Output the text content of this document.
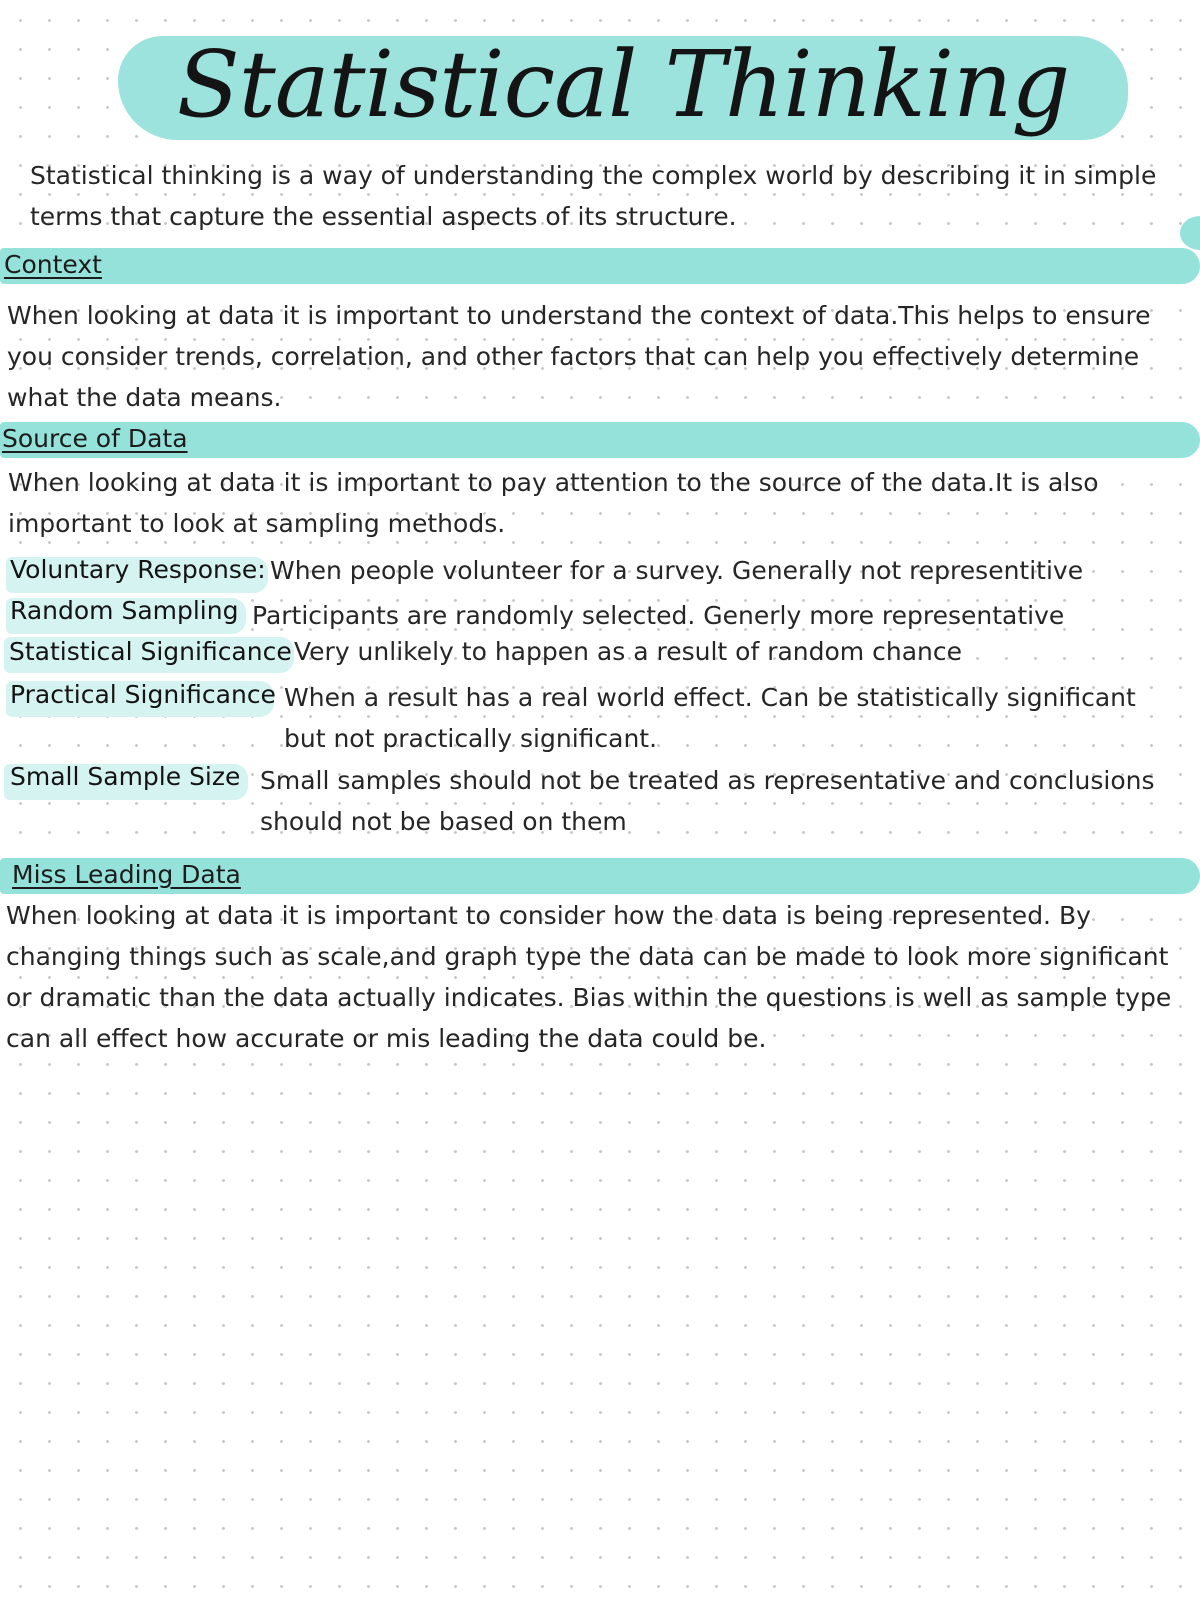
Statistical Thinking

Statistical thinking is a way of understanding the complex world by describing it in simple
terms that capture the essential aspects of its structure.

Context

When looking at data it is important to understand the context of data.This helps to ensure
you consider trends, correlation, and other factors that can help you effectively determine
what the data means.

Source of Data

When looking at data it is important to pay attention to the source of the data.It is also
important to look at sampling methods.

Voluntary Response: When people volunteer for a survey. Generally not representitive

Random Sampling Participants are randomly selected. Generly more representative

Statistical Significance Very unlikely to happen as a result of random chance

Practical Significance When a result has a real world effect. Can be statistically significant
but not practically significant.

Small Sample Size Small samples should not be treated as representative and conclusions
should not be based on them

Miss Leading Data

When looking at data it is important to consider how the data is being represented. By
changing things such as scale,and graph type the data can be made to look more significant
or dramatic than the data actually indicates. Bias within the questions is well as sample type
can all effect how accurate or mis leading the data could be.
